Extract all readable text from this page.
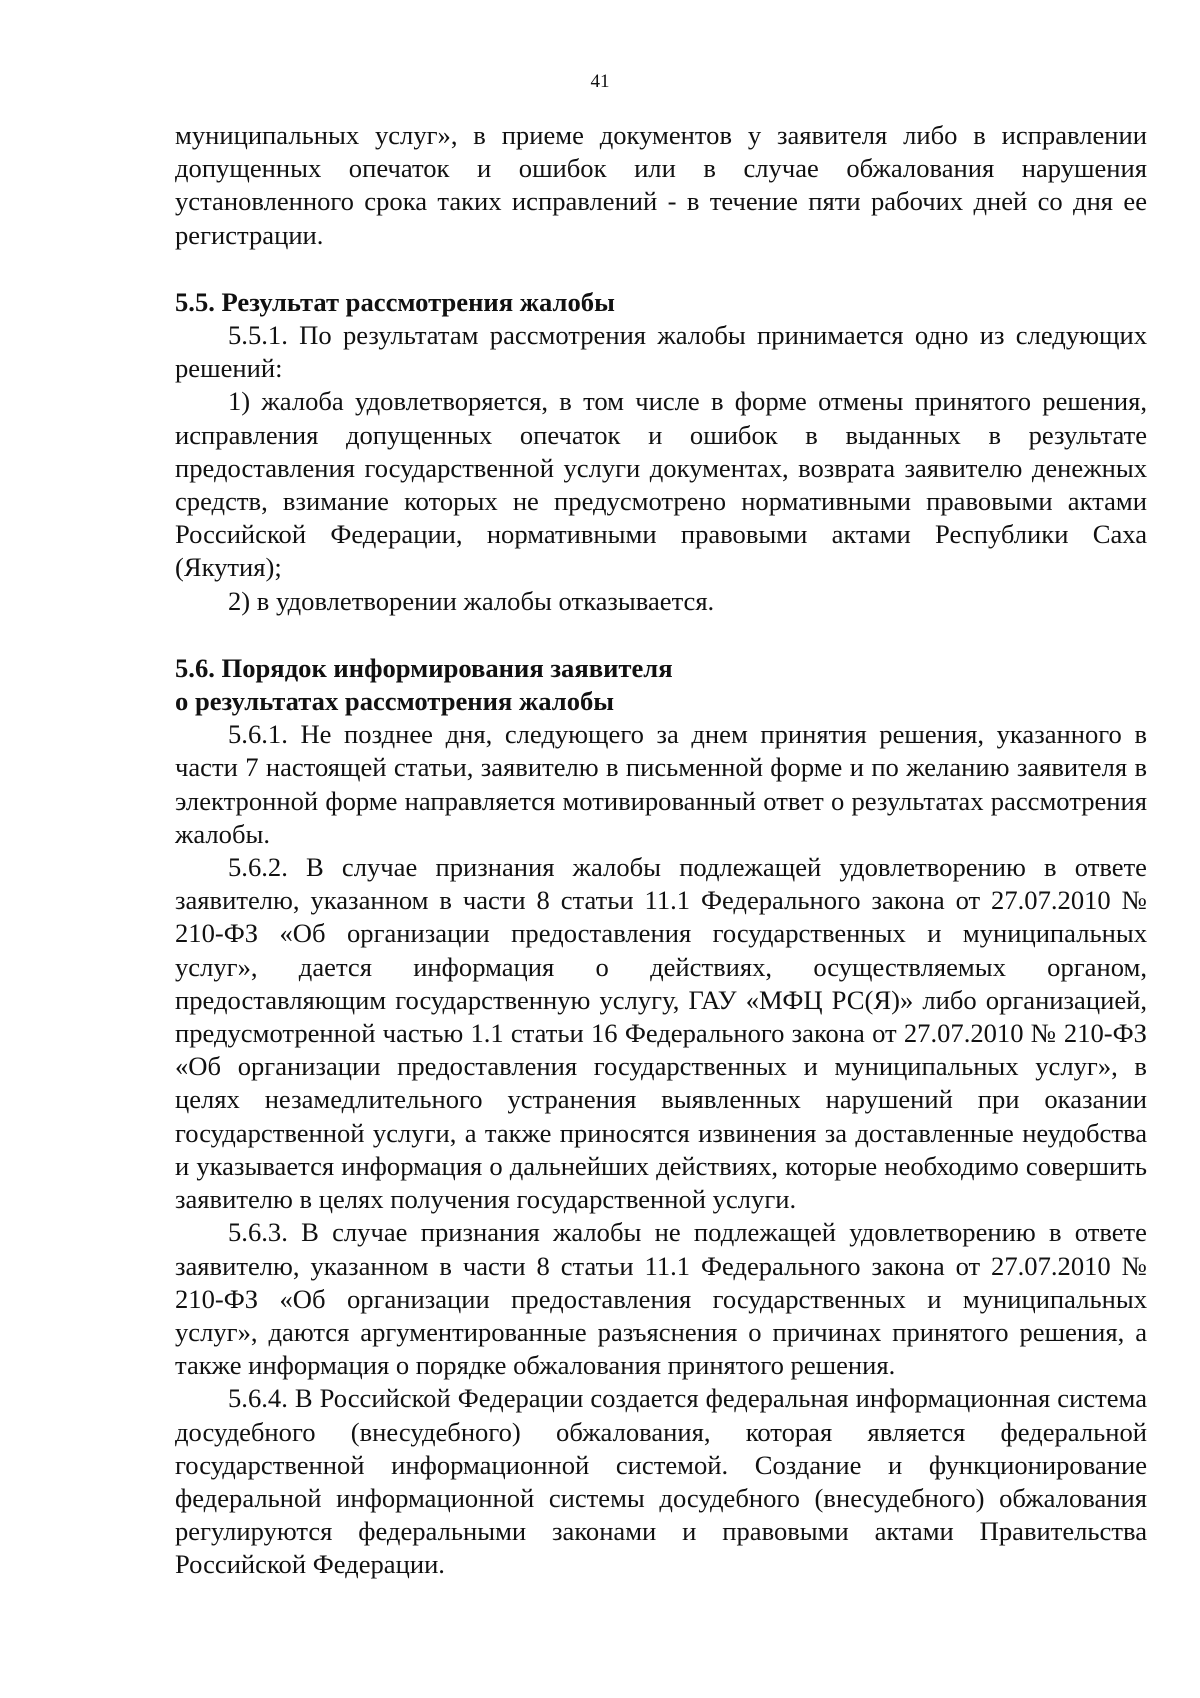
41

муниципальных услуг», в приеме документов у заявителя либо в исправлении допущенных опечаток и ошибок или в случае обжалования нарушения установленного срока таких исправлений - в течение пяти рабочих дней со дня ее регистрации.

5.5. Результат рассмотрения жалобы

5.5.1. По результатам рассмотрения жалобы принимается одно из следующих решений:

1) жалоба удовлетворяется, в том числе в форме отмены принятого решения, исправления допущенных опечаток и ошибок в выданных в результате предоставления государственной услуги документах, возврата заявителю денежных средств, взимание которых не предусмотрено нормативными правовыми актами Российской Федерации, нормативными правовыми актами Республики Саха (Якутия);

2) в удовлетворении жалобы отказывается.

5.6. Порядок информирования заявителя

о результатах рассмотрения жалобы

5.6.1. Не позднее дня, следующего за днем принятия решения, указанного в части 7 настоящей статьи, заявителю в письменной форме и по желанию заявителя в электронной форме направляется мотивированный ответ о результатах рассмотрения жалобы.

5.6.2. В случае признания жалобы подлежащей удовлетворению в ответе заявителю, указанном в части 8 статьи 11.1 Федерального закона от 27.07.2010 № 210-ФЗ «Об организации предоставления государственных и муниципальных услуг», дается информация о действиях, осуществляемых органом, предоставляющим государственную услугу, ГАУ «МФЦ РС(Я)» либо организацией, предусмотренной частью 1.1 статьи 16 Федерального закона от 27.07.2010 № 210-ФЗ «Об организации предоставления государственных и муниципальных услуг», в целях незамедлительного устранения выявленных нарушений при оказании государственной услуги, а также приносятся извинения за доставленные неудобства и указывается информация о дальнейших действиях, которые необходимо совершить заявителю в целях получения государственной услуги.

5.6.3. В случае признания жалобы не подлежащей удовлетворению в ответе заявителю, указанном в части 8 статьи 11.1 Федерального закона от 27.07.2010 № 210-ФЗ «Об организации предоставления государственных и муниципальных услуг», даются аргументированные разъяснения о причинах принятого решения, а также информация о порядке обжалования принятого решения.

5.6.4. В Российской Федерации создается федеральная информационная система досудебного (внесудебного) обжалования, которая является федеральной государственной информационной системой. Создание и функционирование федеральной информационной системы досудебного (внесудебного) обжалования регулируются федеральными законами и правовыми актами Правительства Российской Федерации.
